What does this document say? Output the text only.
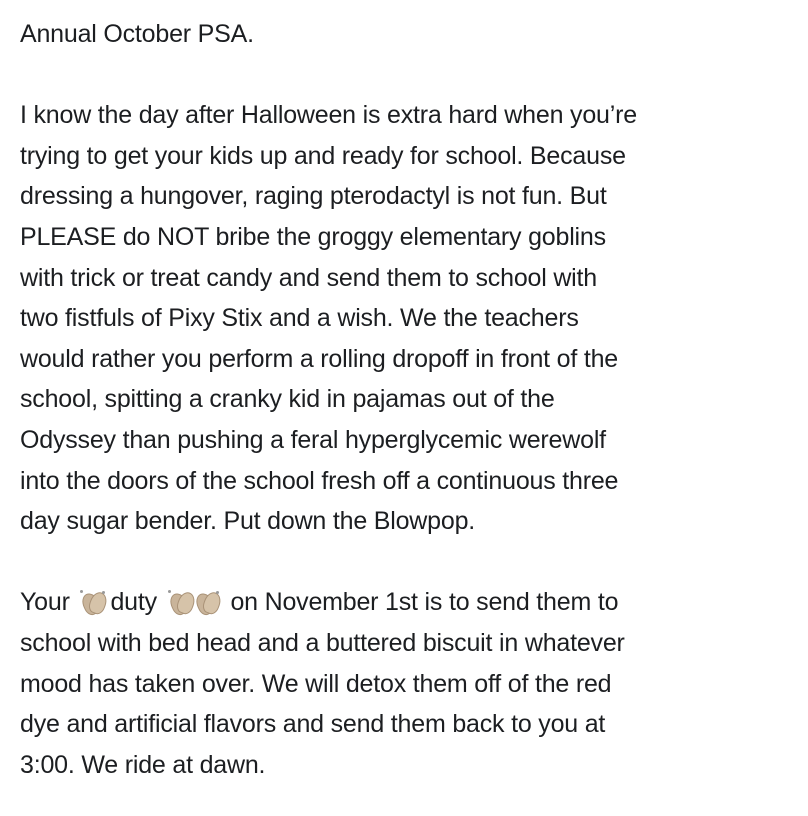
Annual October PSA.
I know the day after Halloween is extra hard when you’re
trying to get your kids up and ready for school. Because
dressing a hungover, raging pterodactyl is not fun. But
PLEASE do NOT bribe the groggy elementary goblins
with trick or treat candy and send them to school with
two fistfuls of Pixy Stix and a wish. We the teachers
would rather you perform a rolling dropoff in front of the
school, spitting a cranky kid in pajamas out of the
Odyssey than pushing a feral hyperglycemic werewolf
into the doors of the school fresh off a continuous three
day sugar bender. Put down the Blowpop.
Your duty	on November 1st is to send them to
school with bed head and a buttered biscuit in whatever
mood has taken over. We will detox them off of the red
dye and artificial flavors and send them back to you at
3:00. We ride at dawn.
